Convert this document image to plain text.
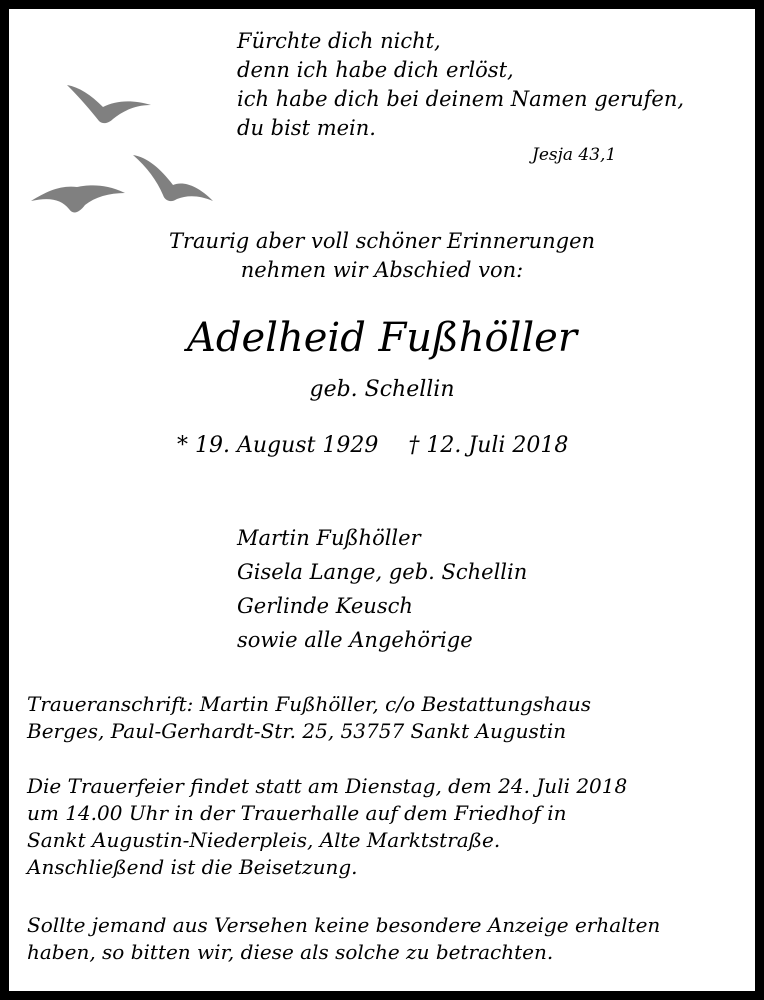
Fürchte dich nicht,
denn ich habe dich erlöst,
ich habe dich bei deinem Namen gerufen,
du bist mein.
Jesja 43,1
Traurig aber voll schöner Erinnerungen
nehmen wir Abschied von:
Adelheid Fußhöller
geb. Schellin
* 19. August 1929 † 12. Juli 2018
Martin Fußhöller
Gisela Lange, geb. Schellin
Gerlinde Keusch
sowie alle Angehörige
Traueranschrift: Martin Fußhöller, c/o Bestattungshaus
Berges, Paul-Gerhardt-Str. 25, 53757 Sankt Augustin
Die Trauerfeier findet statt am Dienstag, dem 24. Juli 2018
um 14.00 Uhr in der Trauerhalle auf dem Friedhof in
Sankt Augustin-Niederpleis, Alte Marktstraße.
Anschließend ist die Beisetzung.
Sollte jemand aus Versehen keine besondere Anzeige erhalten
haben, so bitten wir, diese als solche zu betrachten.
